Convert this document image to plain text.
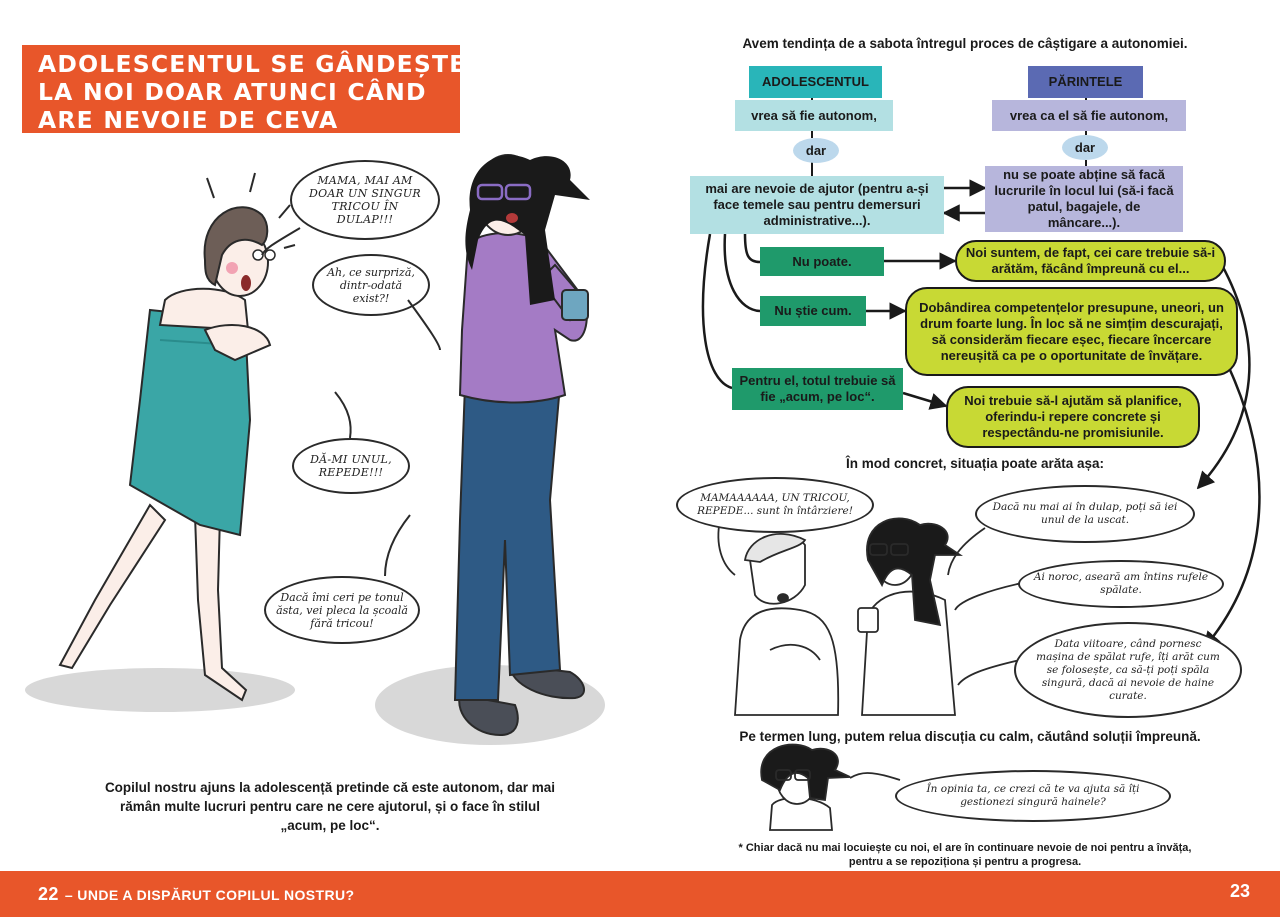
ADOLESCENTUL SE GÂNDEȘTE
LA NOI DOAR ATUNCI CÂND
ARE NEVOIE DE CEVA
MAMA, MAI AM DOAR UN SINGUR TRICOU ÎN DULAP!!!
Ah, ce surpriză, dintr-odată exist?!
DĂ-MI UNUL, REPEDE!!!
Dacă îmi ceri pe tonul ăsta, vei pleca la școală fără tricou!
Copilul nostru ajuns la adolescență pretinde că este autonom, dar mai rămân multe lucruri pentru care ne cere ajutorul, și o face în stilul „acum, pe loc“.
Avem tendința de a sabota întregul proces de câștigare a autonomiei.
ADOLESCENTUL	PĂRINTELE
vrea să fie autonom,	vrea ca el să fie autonom,
dar	dar
mai are nevoie de ajutor (pentru a-și face temele sau pentru demersuri administrative...).
nu se poate abține să facă lucrurile în locul lui (să-i facă patul, bagajele, de mâncare...).
Nu poate.
Nu știe cum.
Pentru el, totul trebuie să fie „acum, pe loc“.
Noi suntem, de fapt, cei care trebuie să-i arătăm, făcând împreună cu el...
Dobândirea competențelor presupune, uneori, un drum foarte lung. În loc să ne simțim descurajați, să considerăm fiecare eșec, fiecare încercare nereușită ca pe o oportunitate de învățare.
Noi trebuie să-l ajutăm să planifice, oferindu-i repere concrete și respectându-ne promisiunile.
În mod concret, situația poate arăta așa:
MAMAAAAAA, UN TRICOU, REPEDE... sunt în întârziere!	Dacă nu mai ai în dulap, poți să iei unul de la uscat.
Ai noroc, aseară am întins rufele spălate.
Data viitoare, când pornesc mașina de spălat rufe, îți arăt cum se folosește, ca să-ți poți spăla singură, dacă ai nevoie de haine curate.
Pe termen lung, putem relua discuția cu calm, căutând soluții împreună.
În opinia ta, ce crezi că te va ajuta să îți gestionezi singură hainele?
* Chiar dacă nu mai locuiește cu noi, el are în continuare nevoie de noi pentru a învăța, pentru a se repoziționa și pentru a progresa.
22 – UNDE A DISPĂRUT COPILUL NOSTRU?	23
